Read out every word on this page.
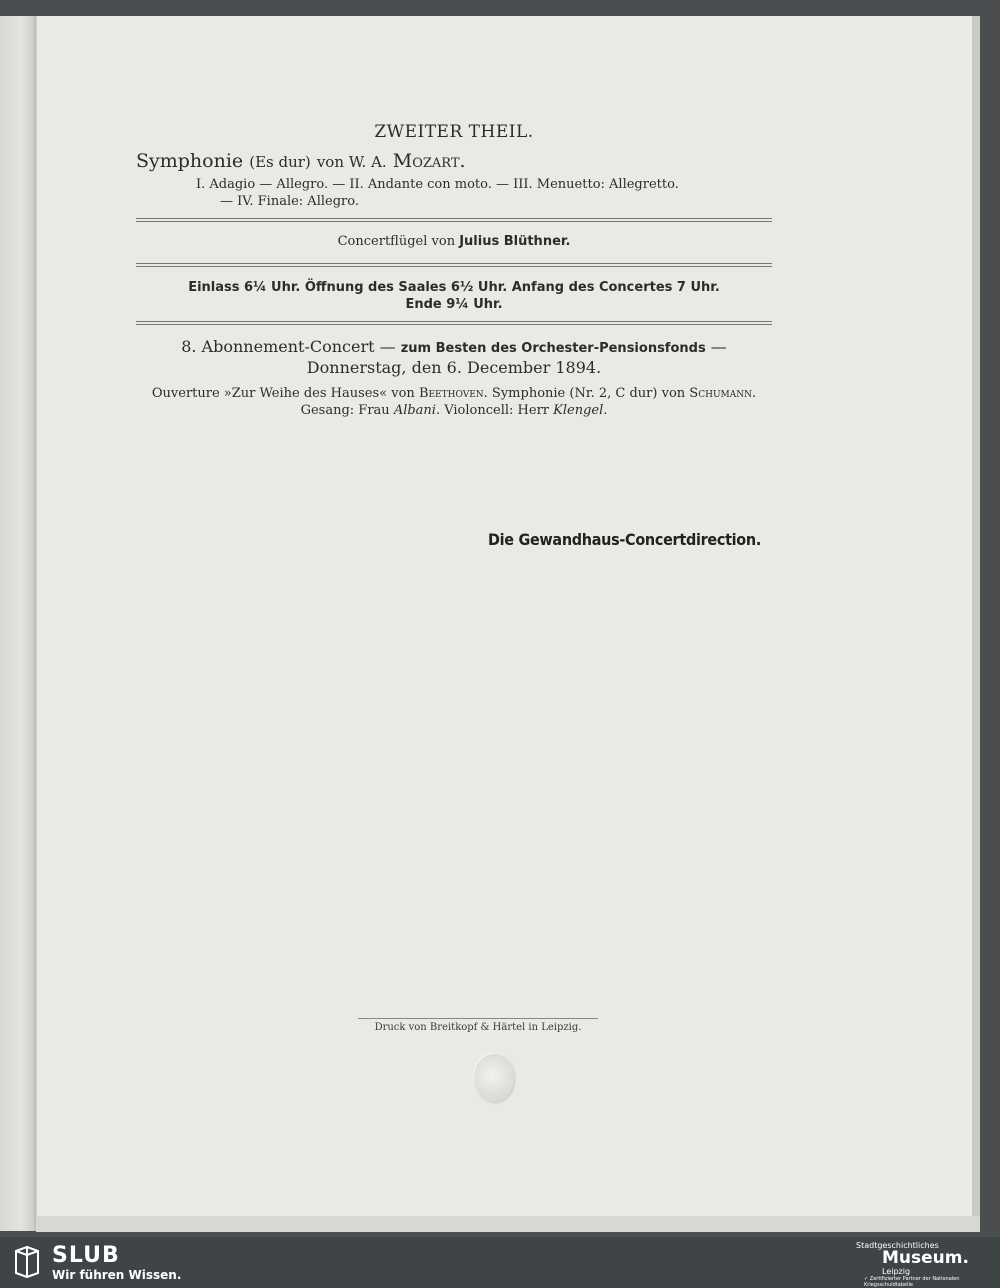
ZWEITER THEIL.
Symphonie (Es dur) von W. A. Mozart.
I. Adagio — Allegro. — II. Andante con moto. — III. Menuetto: Allegretto.
— IV. Finale: Allegro.
Concertflügel von Julius Blüthner.
Einlass 6¼ Uhr. Öffnung des Saales 6½ Uhr. Anfang des Concertes 7 Uhr.
Ende 9¼ Uhr.
8. Abonnement-Concert — zum Besten des Orchester-Pensionsfonds —
Donnerstag, den 6. December 1894.
Ouverture »Zur Weihe des Hauses« von Beethoven. Symphonie (Nr. 2, C dur) von Schumann. Gesang: Frau Albani. Violoncell: Herr Klengel.
Die Gewandhaus-Concertdirection.
Druck von Breitkopf & Härtel in Leipzig.
SLUB
Wir führen Wissen.
Stadtgeschichtliches
Museum.
Leipzig
✓ Zertifizierter Partner der Nationalen Kriegsschuldtabelle
